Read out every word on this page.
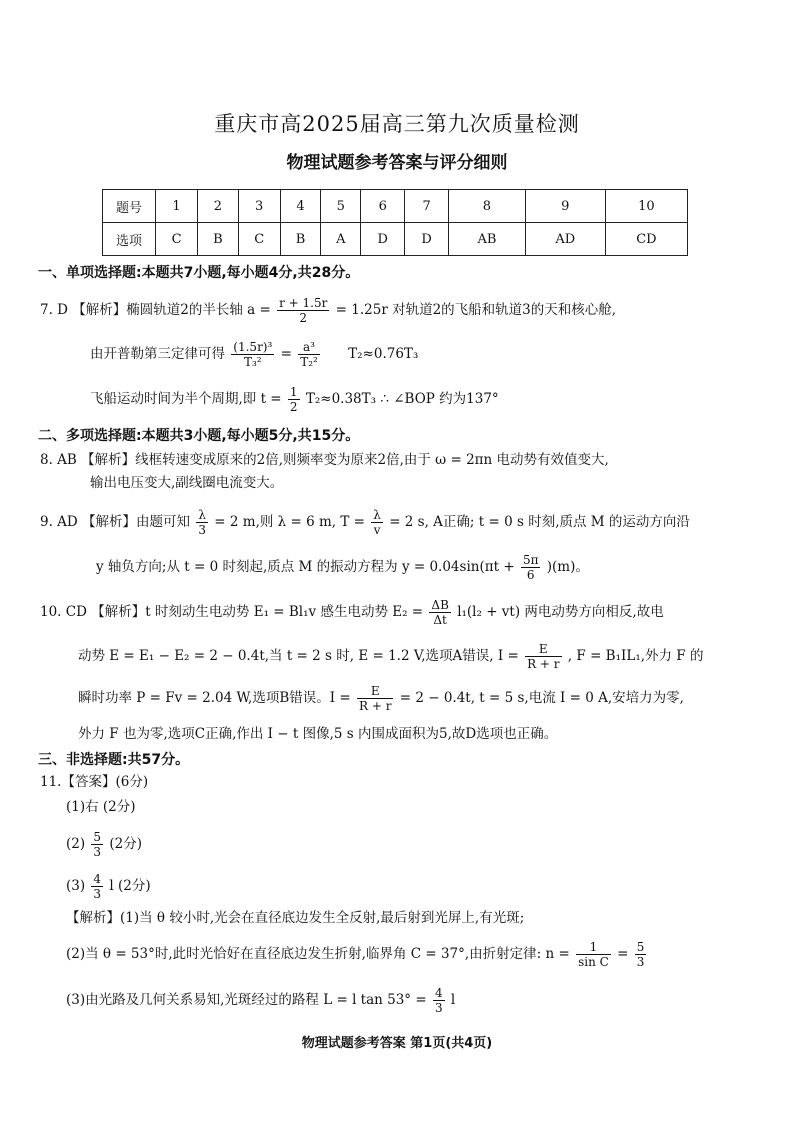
重庆市高2025届高三第九次质量检测
物理试题参考答案与评分细则
题号	1	2	3	4	5	6	7	8	9	10
选项	C	B	C	B	A	D	D	AB	AD	CD
一、单项选择题:本题共7小题,每小题4分,共28分。
7. D 【解析】椭圆轨道2的半长轴 $a = \frac{r + 1.5r}{2} = 1.25r$ 对轨道2的飞船和轨道3的天和核心舱,
由开普勒第三定律可得 $\frac{\text{(1.5r)³}}{\text{T₃²}} = \frac{\text{a³}}{\text{T₂²}} T_2\approx 0.76T_3$
飞船运动时间为半个周期,即 $t = \frac{1}{2} T_2\approx 0.38T_3$ ∴ ∠BOP 约为137°
二、多项选择题:本题共3小题,每小题5分,共15分。
8. AB 【解析】线框转速变成原来的2倍,则频率变为原来2倍,由于 ω = 2πn 电动势有效值变大,
输出电压变大,副线圈电流变大。
9. AD 【解析】由题可知 $\frac{\lambda}{3} = 2$ m,则 λ = 6 m, $T = \frac{\lambda}{v} = 2$ s, A正确; t = 0 s 时刻,质点 M 的运动方向沿
y 轴负方向;从 t = 0 时刻起,质点 M 的振动方程为 $y = 0.04\sin(\pi t + \frac{5\pi}{6} )(m)$。
10. CD 【解析】t 时刻动生电动势 E₁ = Bl₁v 感生电动势 $E_2 = \frac{\Delta B}{\Delta t} l_1(l_2 + vt)$ 两电动势方向相反,故电
动势 E = E₁ − E₂ = 2 − 0.4t,当 t = 2 s 时, E = 1.2 V,选项A错误, $I = \frac{E}{R + r}$ , F = B₁IL₁,外力 F 的
瞬时功率 P = Fv = 2.04 W,选项B错误。$I = \frac{E}{R + r} = 2 - 0.4t$, t = 5 s,电流 I = 0 A,安培力为零,
外力 F 也为零,选项C正确,作出 I − t 图像,5 s 内围成面积为5,故D选项也正确。
三、非选择题:共57分。
11.【答案】(6分)
(1)右 (2分)
$(2) \frac{5}{3} (2$分)
$(3) \frac{4}{3}$ l (2分)
【解析】(1)当 θ 较小时,光会在直径底边发生全反射,最后射到光屏上,有光斑;
(2)当 θ = 53°时,此时光恰好在直径底边发生折射,临界角 C = 37°,由折射定律: $n = \frac{1}{\text{sin C}} = \frac{5}{3}$
(3)由光路及几何关系易知,光斑经过的路程 L = l $\tan 53^\circ = \frac{4}{3}$ l
物理试题参考答案 第1页(共4页)
